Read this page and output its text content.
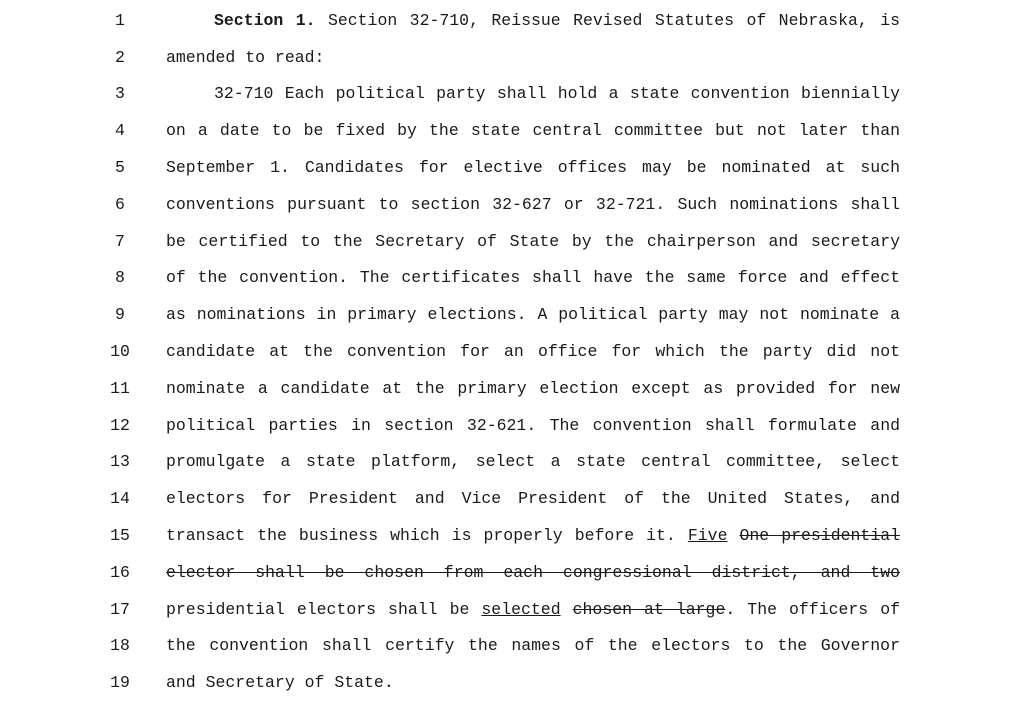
1	Section 1. Section 32-710, Reissue Revised Statutes of Nebraska, is
2	amended to read:
3	32-710 Each political party shall hold a state convention biennially
4	on a date to be fixed by the state central committee but not later than
5	September 1. Candidates for elective offices may be nominated at such
6	conventions pursuant to section 32-627 or 32-721. Such nominations shall
7	be certified to the Secretary of State by the chairperson and secretary
8	of the convention. The certificates shall have the same force and effect
9	as nominations in primary elections. A political party may not nominate a
10	candidate at the convention for an office for which the party did not
11	nominate a candidate at the primary election except as provided for new
12	political parties in section 32-621. The convention shall formulate and
13	promulgate a state platform, select a state central committee, select
14	electors for President and Vice President of the United States, and
15	transact the business which is properly before it. Five One presidential
16	elector shall be chosen from each congressional district, and two
17	presidential electors shall be selected chosen at large. The officers of
18	the convention shall certify the names of the electors to the Governor
19	and Secretary of State.
